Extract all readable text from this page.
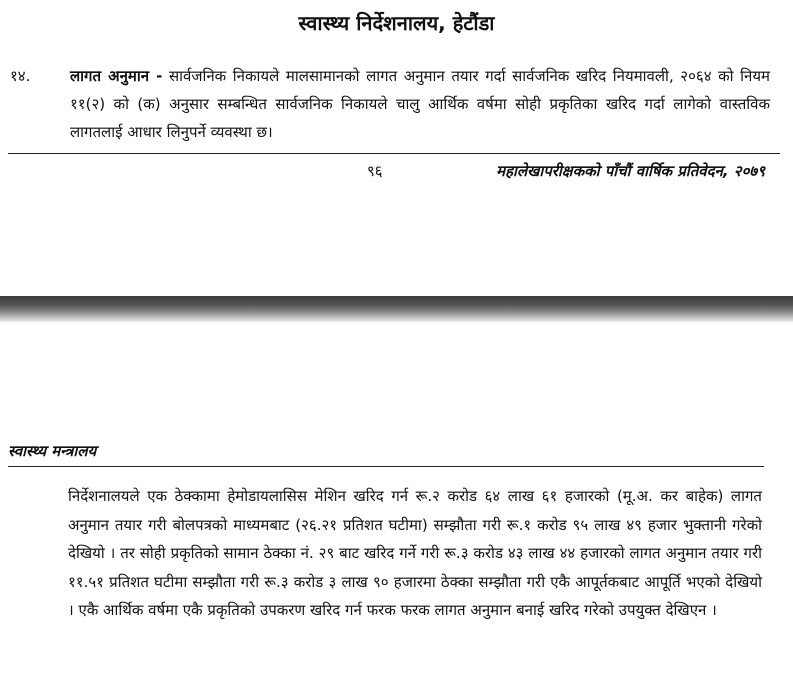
स्वास्थ्य निर्देशनालय, हेटौंडा
१४.	लागत अनुमान - सार्वजनिक निकायले मालसामानको लागत अनुमान तयार गर्दा सार्वजनिक खरिद नियमावली, २०६४ को नियम ११(२) को (क) अनुसार सम्बन्धित सार्वजनिक निकायले चालु आर्थिक वर्षमा सोही प्रकृतिका खरिद गर्दा लागेको वास्तविक लागतलाई आधार लिनुपर्ने व्यवस्था छ।
९६	महालेखापरीक्षकको पाँचौं वार्षिक प्रतिवेदन, २०७९
स्वास्थ्य मन्त्रालय
निर्देशनालयले एक ठेक्कामा हेमोडायलासिस मेशिन खरिद गर्न रू.२ करोड ६४ लाख ६१ हजारको (मू.अ. कर बाहेक) लागत अनुमान तयार गरी बोलपत्रको माध्यमबाट (२६.२१ प्रतिशत घटीमा) सम्झौता गरी रू.१ करोड ९५ लाख ४९ हजार भुक्तानी गरेको देखियो । तर सोही प्रकृतिको सामान ठेक्का नं. २९ बाट खरिद गर्ने गरी रू.३ करोड ४३ लाख ४४ हजारको लागत अनुमान तयार गरी ११.५१ प्रतिशत घटीमा सम्झौता गरी रू.३ करोड ३ लाख ९० हजारमा ठेक्का सम्झौता गरी एकै आपूर्तकबाट आपूर्ति भएको देखियो । एकै आर्थिक वर्षमा एकै प्रकृतिको उपकरण खरिद गर्न फरक फरक लागत अनुमान बनाई खरिद गरेको उपयुक्त देखिएन ।
